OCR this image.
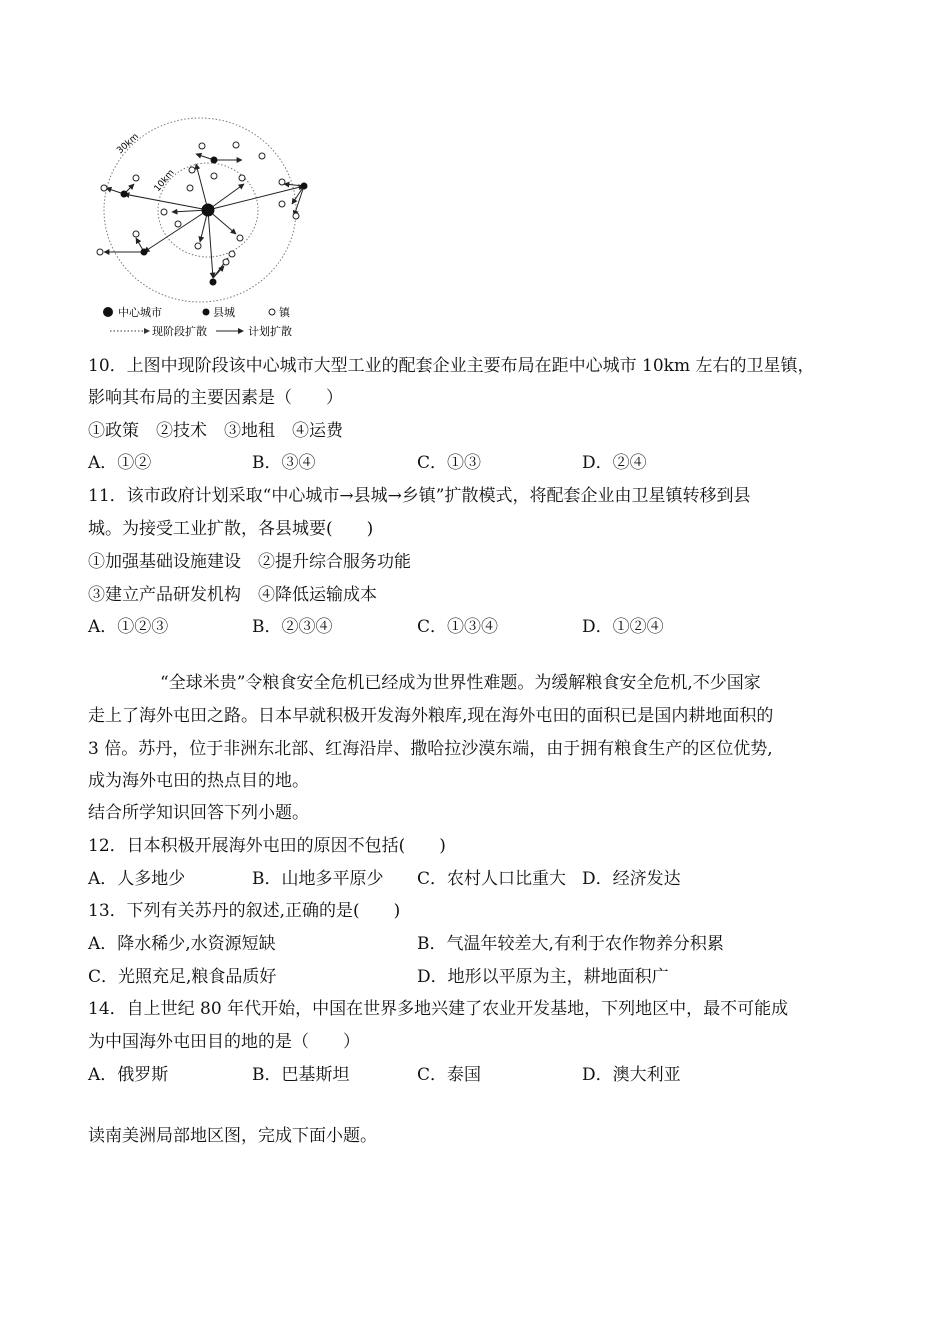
30km
10km
中心城市	县城	镇
现阶段扩散	计划扩散
10．上图中现阶段该中心城市大型工业的配套企业主要布局在距中心城市 10km 左右的卫星镇，
影响其布局的主要因素是（　　）
①政策　②技术　③地租　④运费
A．①②	B．③④	C．①③	D．②④
11．该市政府计划采取“中心城市→县城→乡镇”扩散模式，将配套企业由卫星镇转移到县
城。为接受工业扩散，各县城要(　　)
①加强基础设施建设　②提升综合服务功能
③建立产品研发机构　④降低运输成本
A．①②③	B．②③④	C．①③④	D．①②④
“全球米贵”令粮食安全危机已经成为世界性难题。为缓解粮食安全危机,不少国家
走上了海外屯田之路。日本早就积极开发海外粮库,现在海外屯田的面积已是国内耕地面积的
3 倍。苏丹，位于非洲东北部、红海沿岸、撒哈拉沙漠东端，由于拥有粮食生产的区位优势,
成为海外屯田的热点目的地。
结合所学知识回答下列小题。
12．日本积极开展海外屯田的原因不包括(　　)
A．人多地少	B．山地多平原少 C．农村人口比重大 D．经济发达
13．下列有关苏丹的叙述,正确的是(　　)
A．降水稀少,水资源短缺	B．气温年较差大,有利于农作物养分积累
C．光照充足,粮食品质好	D．地形以平原为主，耕地面积广
14．自上世纪 80 年代开始，中国在世界多地兴建了农业开发基地，下列地区中，最不可能成
为中国海外屯田目的地的是（　　）
A．俄罗斯	B．巴基斯坦	C．泰国	D．澳大利亚
读南美洲局部地区图，完成下面小题。
